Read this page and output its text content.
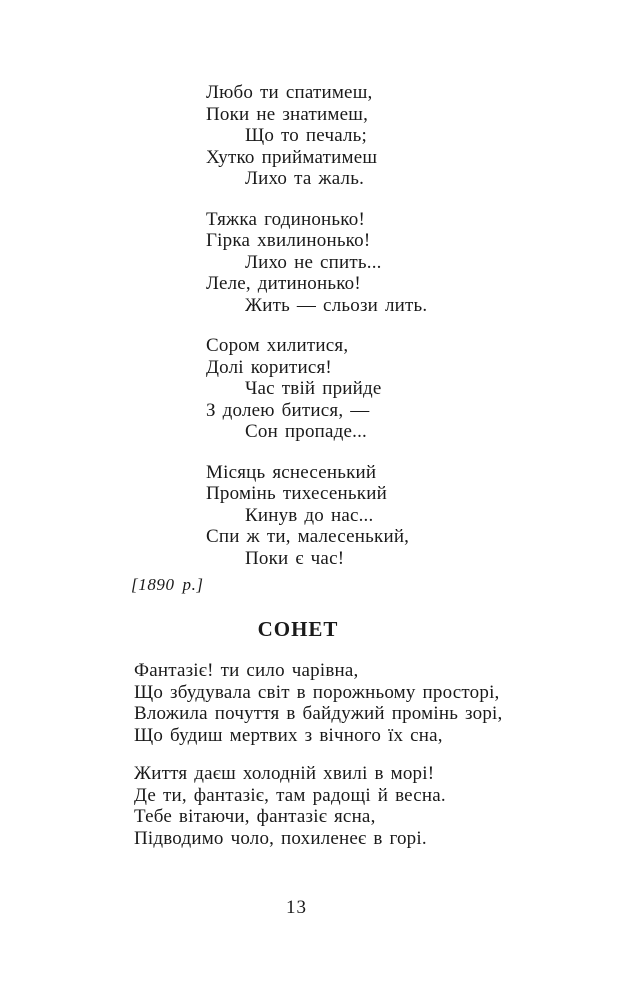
Любо ти спатимеш,
Поки не знатимеш,
Що то печаль;
Хутко прийматимеш
Лихо та жаль.
Тяжка годинонько!
Гірка хвилинонько!
Лихо не спить...
Леле, дитинонько!
Жить — сльози лить.
Сором хилитися,
Долі коритися!
Час твій прийде
З долею битися, —
Сон пропаде...
Місяць яснесенький
Промінь тихесенький
Кинув до нас...
Спи ж ти, малесенький,
Поки є час!
[1890 р.]
СОНЕТ
Фантазіє! ти сило чарівна,
Що збудувала світ в порожньому просторі,
Вложила почуття в байдужий промінь зорі,
Що будиш мертвих з вічного їх сна,
Життя даєш холодній хвилі в морі!
Де ти, фантазіє, там радощі й весна.
Тебе вітаючи, фантазіє ясна,
Підводимо чоло, похиленеє в горі.
13
